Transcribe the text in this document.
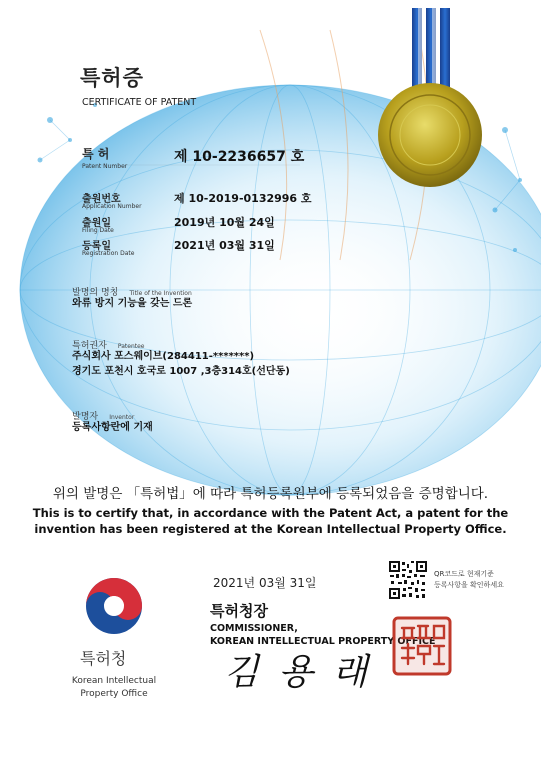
특허증
CERTIFICATE OF PATENT
특 허
Patent Number
제 10-2236657 호
출원번호
Application Number
제 10-2019-0132996 호
출원일
Filing Date
2019년 10월 24일
등록일
Registration Date
2021년 03월 31일
발명의 명칭 Title of the Invention
와류 방지 기능을 갖는 드론
특허권자 Patentee
주식회사 포스웨이브(284411-*******)
경기도 포천시 호국로 1007 ,3층314호(선단동)
발명자 Inventor
등록사항란에 기재
위의 발명은 「특허법」에 따라 특허등록원부에 등록되었음을 증명합니다.
This is to certify that, in accordance with the Patent Act, a patent for the
invention has been registered at the Korean Intellectual Property Office.
특허청
Korean Intellectual
Property Office
2021년 03월 31일
QR코드로 현재기준
등록사항을 확인하세요
특허청장
COMMISSIONER,
KOREAN INTELLECTUAL PROPERTY OFFICE
김 용 래
